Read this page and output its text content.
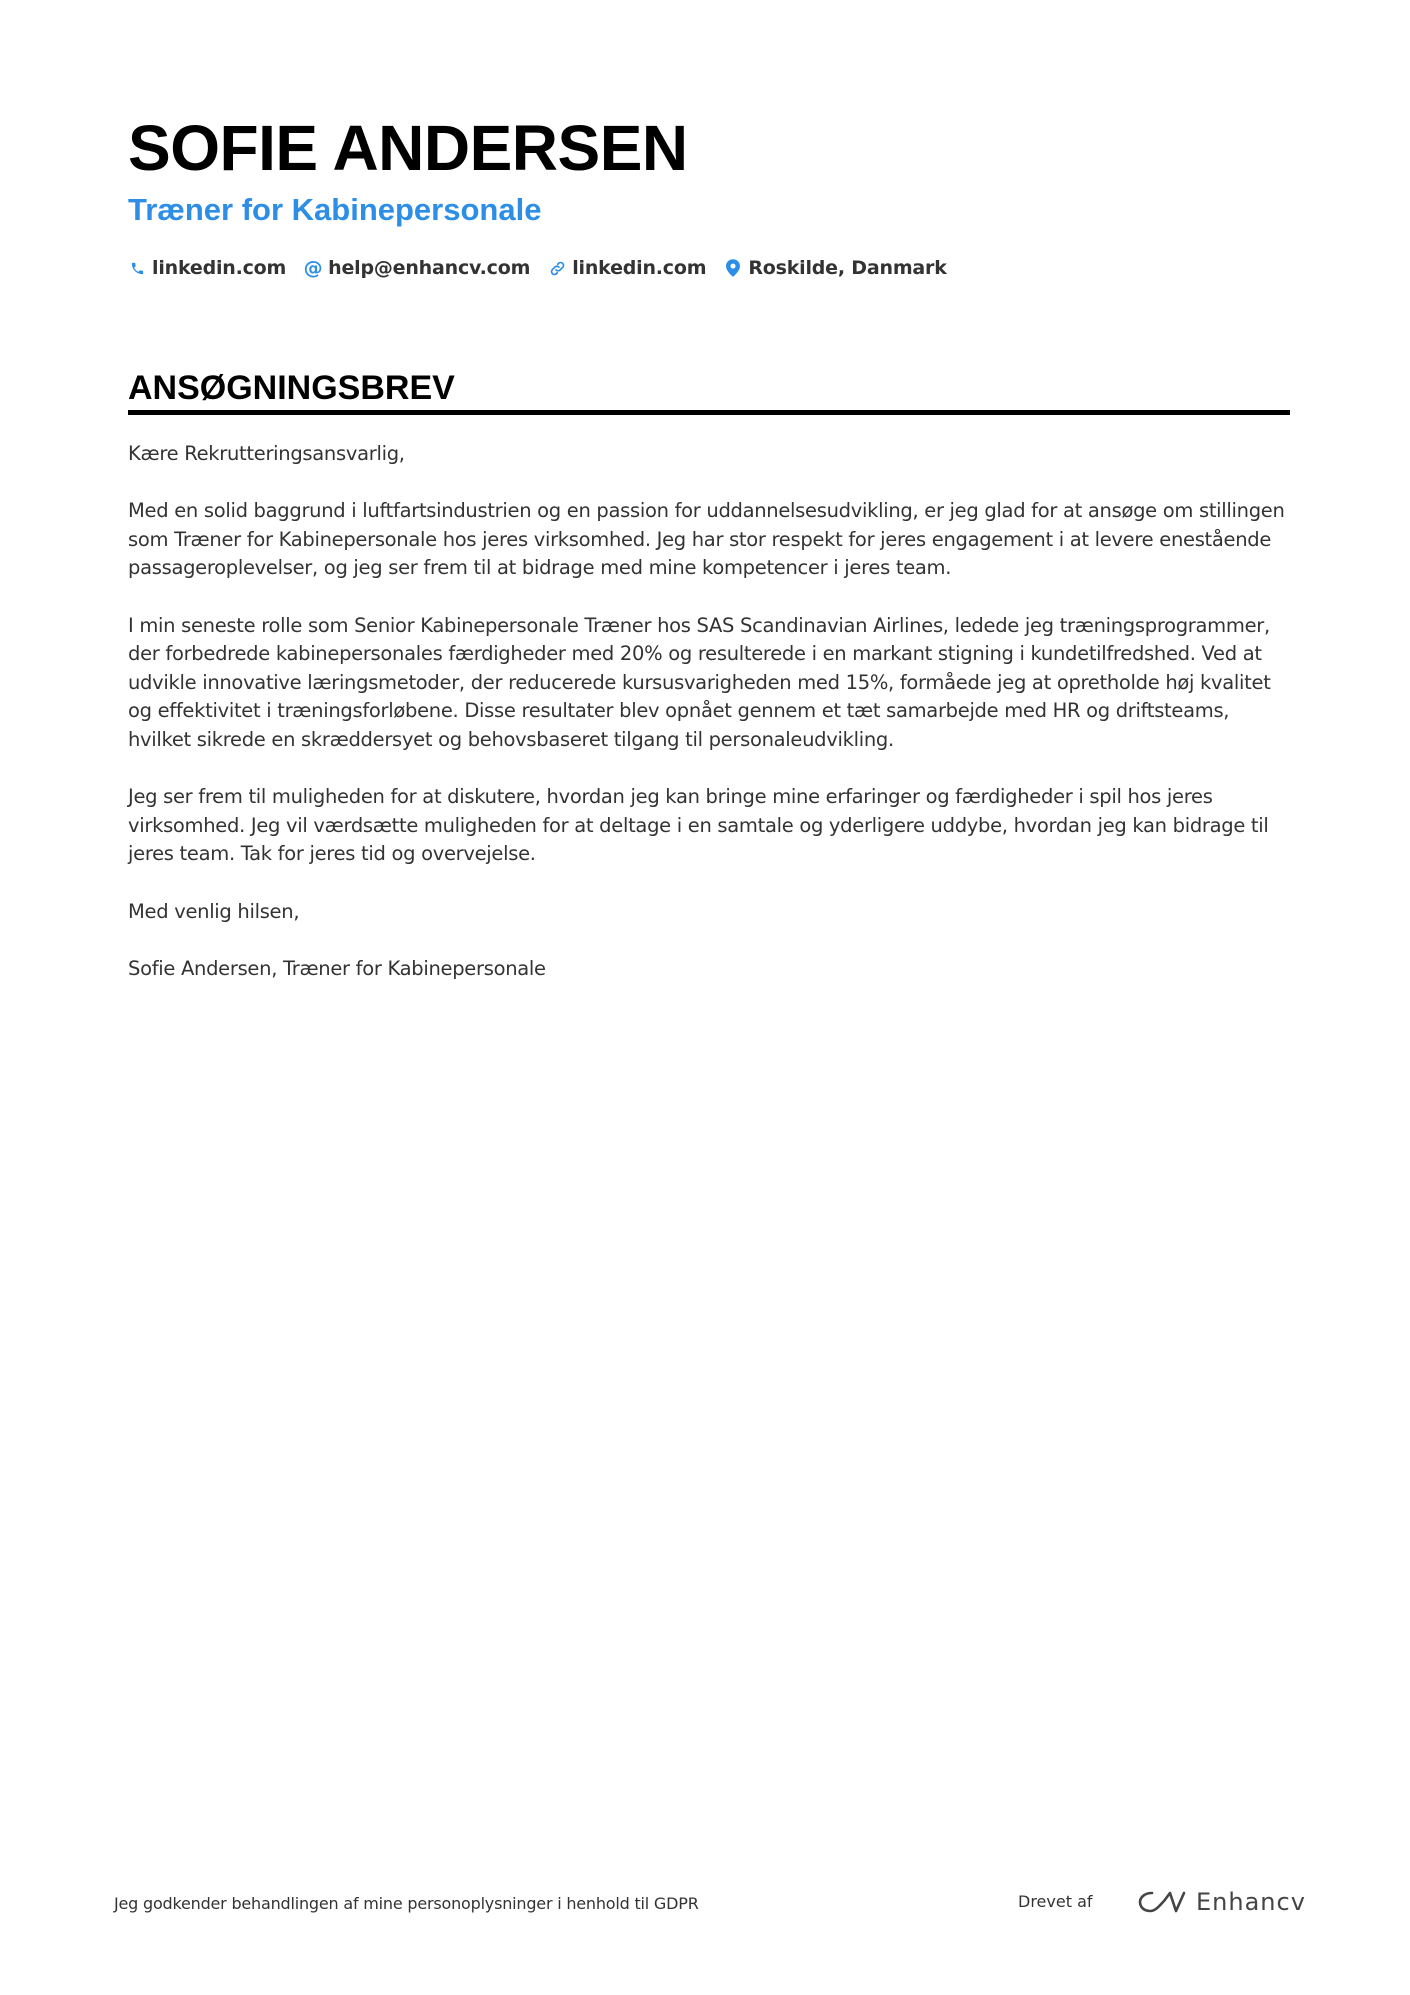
SOFIE ANDERSEN
Træner for Kabinepersonale
linkedin.com @ help@enhancv.com linkedin.com Roskilde, Danmark
ANSØGNINGSBREV

Kære Rekrutteringsansvarlig,

Med en solid baggrund i luftfartsindustrien og en passion for uddannelsesudvikling, er jeg glad for at ansøge om stillingen som Træner for Kabinepersonale hos jeres virksomhed. Jeg har stor respekt for jeres engagement i at levere enestående passageroplevelser, og jeg ser frem til at bidrage med mine kompetencer i jeres team.

I min seneste rolle som Senior Kabinepersonale Træner hos SAS Scandinavian Airlines, ledede jeg træningsprogrammer, der forbedrede kabinepersonales færdigheder med 20% og resulterede i en markant stigning i kundetilfredshed. Ved at udvikle innovative læringsmetoder, der reducerede kursusvarigheden med 15%, formåede jeg at opretholde høj kvalitet og effektivitet i træningsforløbene. Disse resultater blev opnået gennem et tæt samarbejde med HR og driftsteams, hvilket sikrede en skræddersyet og behovsbaseret tilgang til personaleudvikling.

Jeg ser frem til muligheden for at diskutere, hvordan jeg kan bringe mine erfaringer og færdigheder i spil hos jeres virksomhed. Jeg vil værdsætte muligheden for at deltage i en samtale og yderligere uddybe, hvordan jeg kan bidrage til jeres team. Tak for jeres tid og overvejelse.

Med venlig hilsen,

Sofie Andersen, Træner for Kabinepersonale

Jeg godkender behandlingen af mine personoplysninger i henhold til GDPR	Drevet af	Enhancv
